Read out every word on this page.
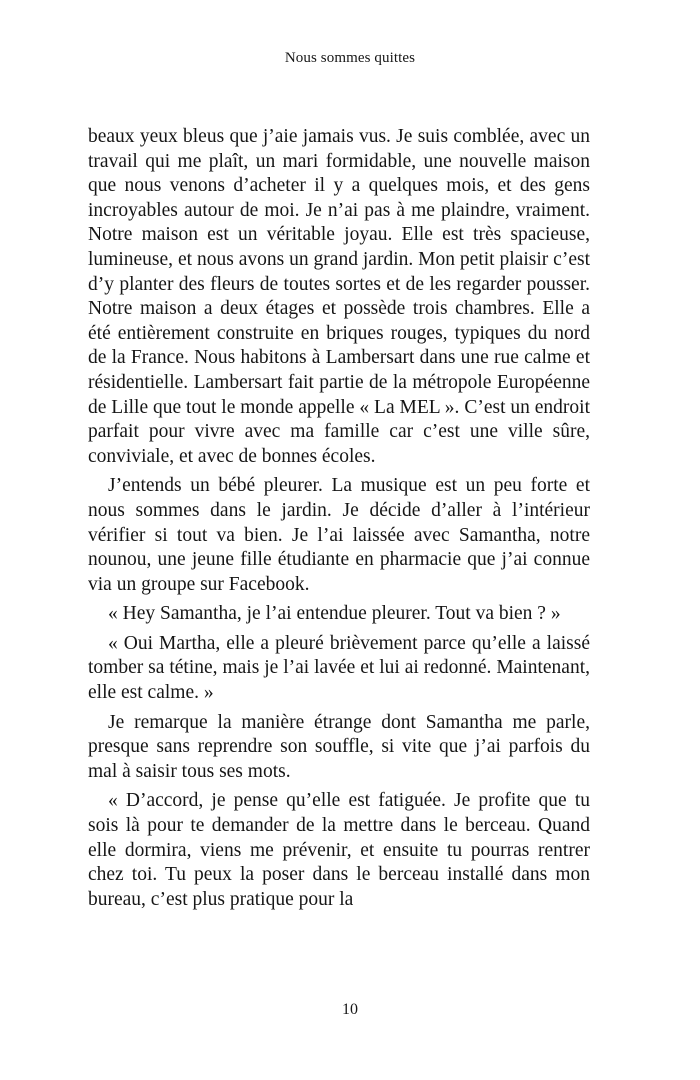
Nous sommes quittes

beaux yeux bleus que j’aie jamais vus. Je suis comblée, avec un travail qui me plaît, un mari formidable, une nouvelle maison que nous venons d’acheter il y a quelques mois, et des gens incroyables autour de moi. Je n’ai pas à me plaindre, vraiment. Notre maison est un véritable joyau. Elle est très spacieuse, lumineuse, et nous avons un grand jardin. Mon petit plaisir c’est d’y planter des fleurs de toutes sortes et de les regarder pousser. Notre maison a deux étages et possède trois chambres. Elle a été entièrement construite en briques rouges, typiques du nord de la France. Nous habitons à Lambersart dans une rue calme et résidentielle. Lambersart fait partie de la métropole Européenne de Lille que tout le monde appelle « La MEL ». C’est un endroit parfait pour vivre avec ma famille car c’est une ville sûre, conviviale, et avec de bonnes écoles.

J’entends un bébé pleurer. La musique est un peu forte et nous sommes dans le jardin. Je décide d’aller à l’intérieur vérifier si tout va bien. Je l’ai laissée avec Samantha, notre nounou, une jeune fille étudiante en pharmacie que j’ai connue via un groupe sur Facebook.

« Hey Samantha, je l’ai entendue pleurer. Tout va bien ? »

« Oui Martha, elle a pleuré brièvement parce qu’elle a laissé tomber sa tétine, mais je l’ai lavée et lui ai redonné. Maintenant, elle est calme. »

Je remarque la manière étrange dont Samantha me parle, presque sans reprendre son souffle, si vite que j’ai parfois du mal à saisir tous ses mots.

« D’accord, je pense qu’elle est fatiguée. Je profite que tu sois là pour te demander de la mettre dans le berceau. Quand elle dormira, viens me prévenir, et ensuite tu pourras rentrer chez toi. Tu peux la poser dans le berceau installé dans mon bureau, c’est plus pratique pour la

10
